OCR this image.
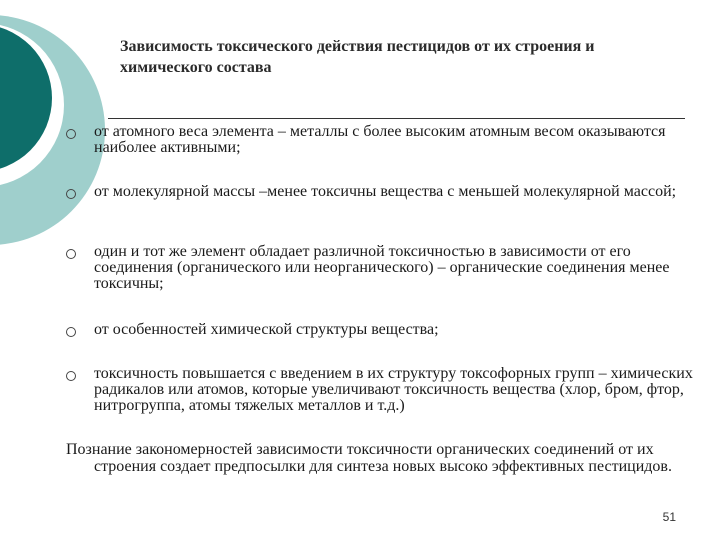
Зависимость токсического действия пестицидов от их строения и химического состава
от атомного веса элемента – металлы с более высоким атомным весом оказываются наиболее активными;
от молекулярной массы –менее токсичны вещества с меньшей молекулярной массой;
один и тот же элемент обладает различной токсичностью в зависимости от его соединения (органического или неорганического) – органические соединения менее токсичны;
от особенностей химической структуры вещества;
токсичность повышается с введением в их структуру токсофорных групп – химических радикалов или атомов, которые увеличивают токсичность вещества (хлор, бром, фтор, нитрогруппа, атомы тяжелых металлов и т.д.)
Познание закономерностей зависимости токсичности органических соединений от их строения создает предпосылки для синтеза новых высоко эффективных пестицидов.
51
